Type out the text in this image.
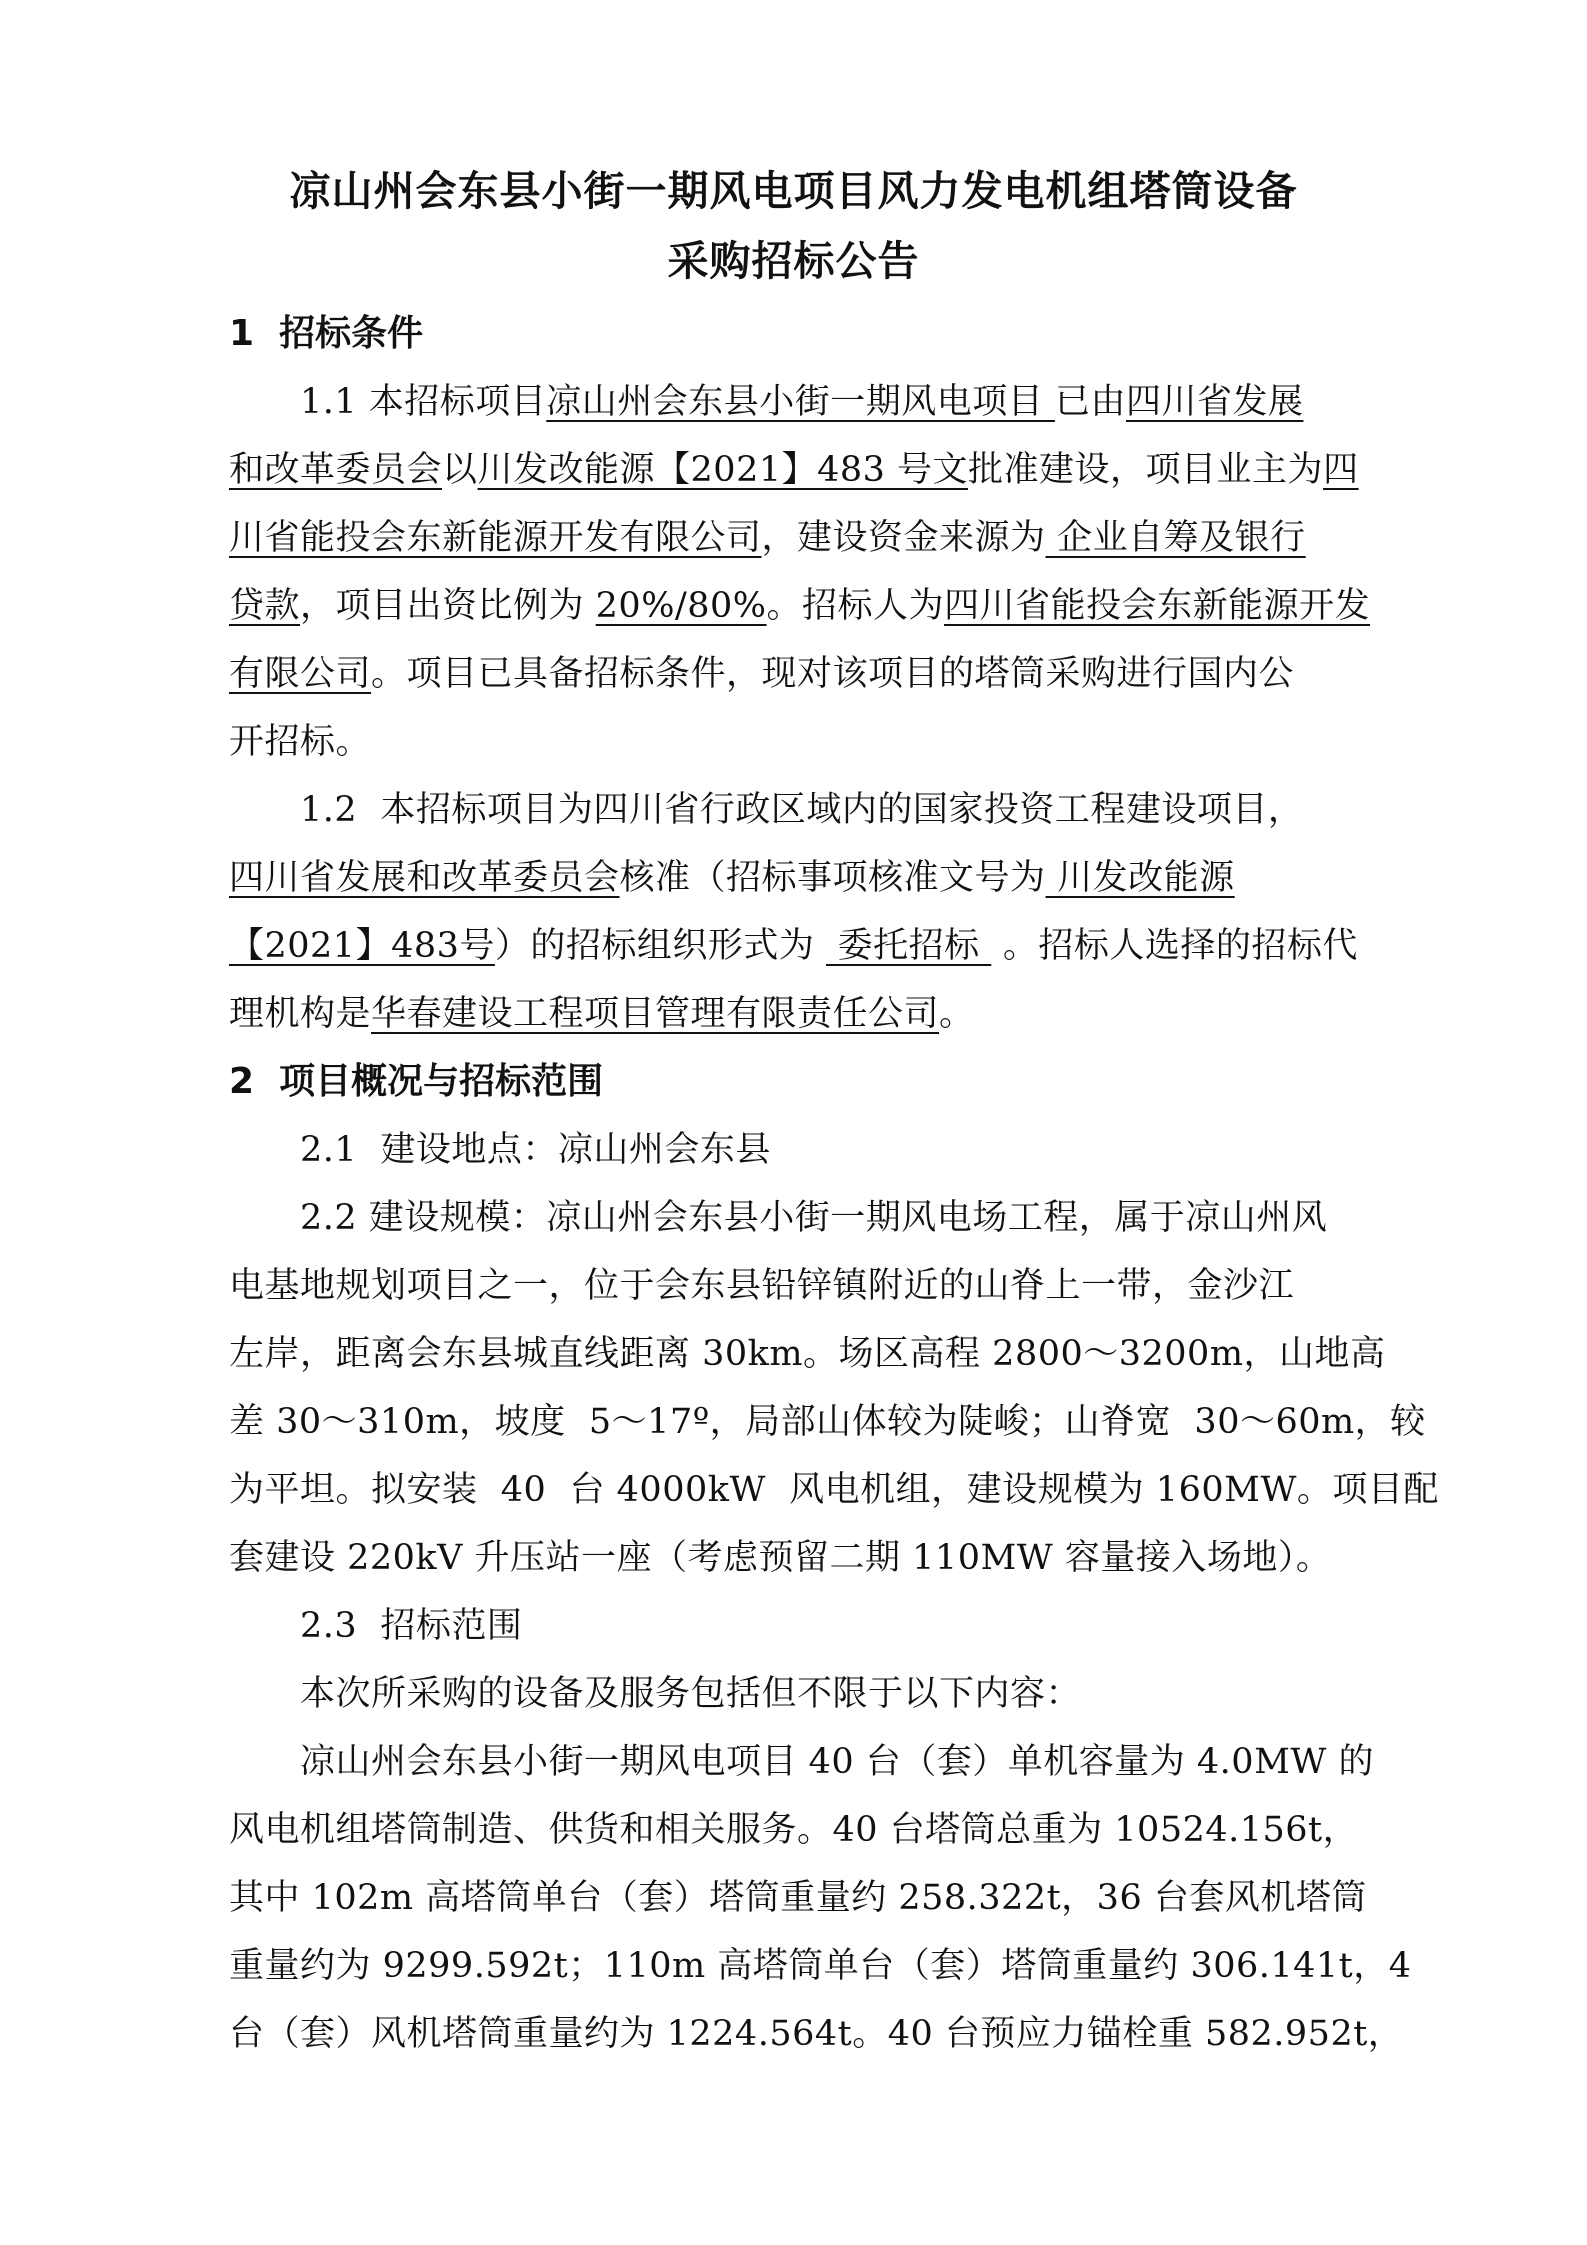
凉山州会东县小街一期风电项目风力发电机组塔筒设备
采购招标公告
1  招标条件
1.1 本招标项目凉山州会东县小街一期风电项目 已由四川省发展
和改革委员会以川发改能源【2021】483 号文批准建设，项目业主为四
川省能投会东新能源开发有限公司，建设资金来源为 企业自筹及银行
贷款，项目出资比例为 20%/80%。招标人为四川省能投会东新能源开发
有限公司。项目已具备招标条件，现对该项目的塔筒采购进行国内公
开招标。
1.2  本招标项目为四川省行政区域内的国家投资工程建设项目，
四川省发展和改革委员会核准（招标事项核准文号为 川发改能源
【2021】483号）的招标组织形式为  委托招标  。招标人选择的招标代
理机构是华春建设工程项目管理有限责任公司。
2  项目概况与招标范围
2.1  建设地点：凉山州会东县
2.2 建设规模：凉山州会东县小街一期风电场工程，属于凉山州风
电基地规划项目之一，位于会东县铅锌镇附近的山脊上一带，金沙江
左岸，距离会东县城直线距离 30km。场区高程 2800～3200m，山地高
差 30～310m，坡度  5～17º，局部山体较为陡峻；山脊宽  30～60m，较
为平坦。拟安装  40  台 4000kW  风电机组，建设规模为 160MW。项目配
套建设 220kV 升压站一座（考虑预留二期 110MW 容量接入场地）。
2.3  招标范围
本次所采购的设备及服务包括但不限于以下内容：
凉山州会东县小街一期风电项目 40 台（套）单机容量为 4.0MW 的
风电机组塔筒制造、供货和相关服务。40 台塔筒总重为 10524.156t，
其中 102m 高塔筒单台（套）塔筒重量约 258.322t，36 台套风机塔筒
重量约为 9299.592t；110m 高塔筒单台（套）塔筒重量约 306.141t，4
台（套）风机塔筒重量约为 1224.564t。40 台预应力锚栓重 582.952t，
